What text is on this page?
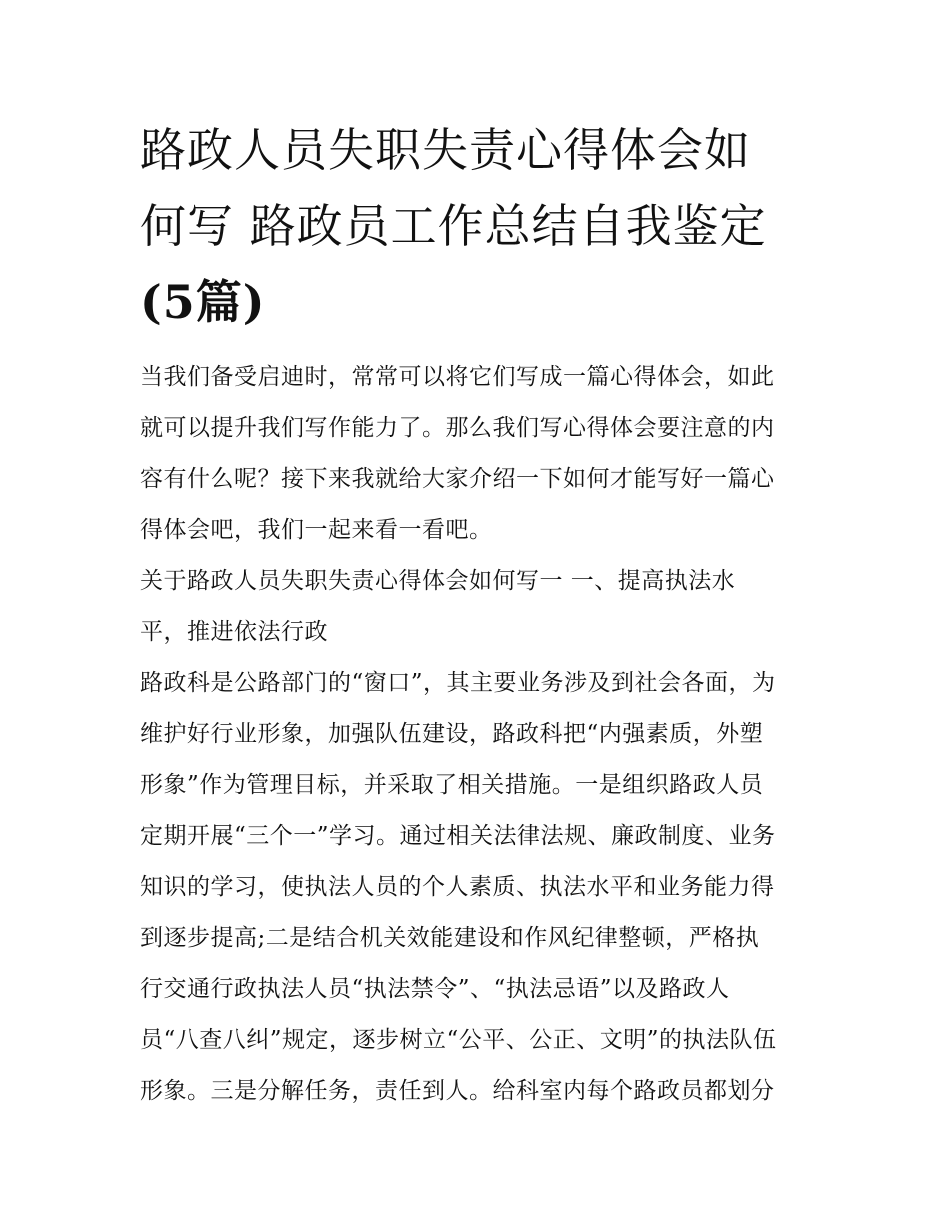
路政人员失职失责心得体会如
何写 路政员工作总结自我鉴定
(5篇)

当我们备受启迪时，常常可以将它们写成一篇心得体会，如此
就可以提升我们写作能力了。那么我们写心得体会要注意的内
容有什么呢？接下来我就给大家介绍一下如何才能写好一篇心
得体会吧，我们一起来看一看吧。

关于路政人员失职失责心得体会如何写一 一、提高执法水
平，推进依法行政

路政科是公路部门的“窗口”，其主要业务涉及到社会各面，为
维护好行业形象，加强队伍建设，路政科把“内强素质，外塑
形象”作为管理目标，并采取了相关措施。一是组织路政人员
定期开展“三个一”学习。通过相关法律法规、廉政制度、业务
知识的学习，使执法人员的个人素质、执法水平和业务能力得
到逐步提高;二是结合机关效能建设和作风纪律整顿，严格执
行交通行政执法人员“执法禁令”、“执法忌语”以及路政人
员“八查八纠”规定，逐步树立“公平、公正、文明”的执法队伍
形象。三是分解任务，责任到人。给科室内每个路政员都划分
